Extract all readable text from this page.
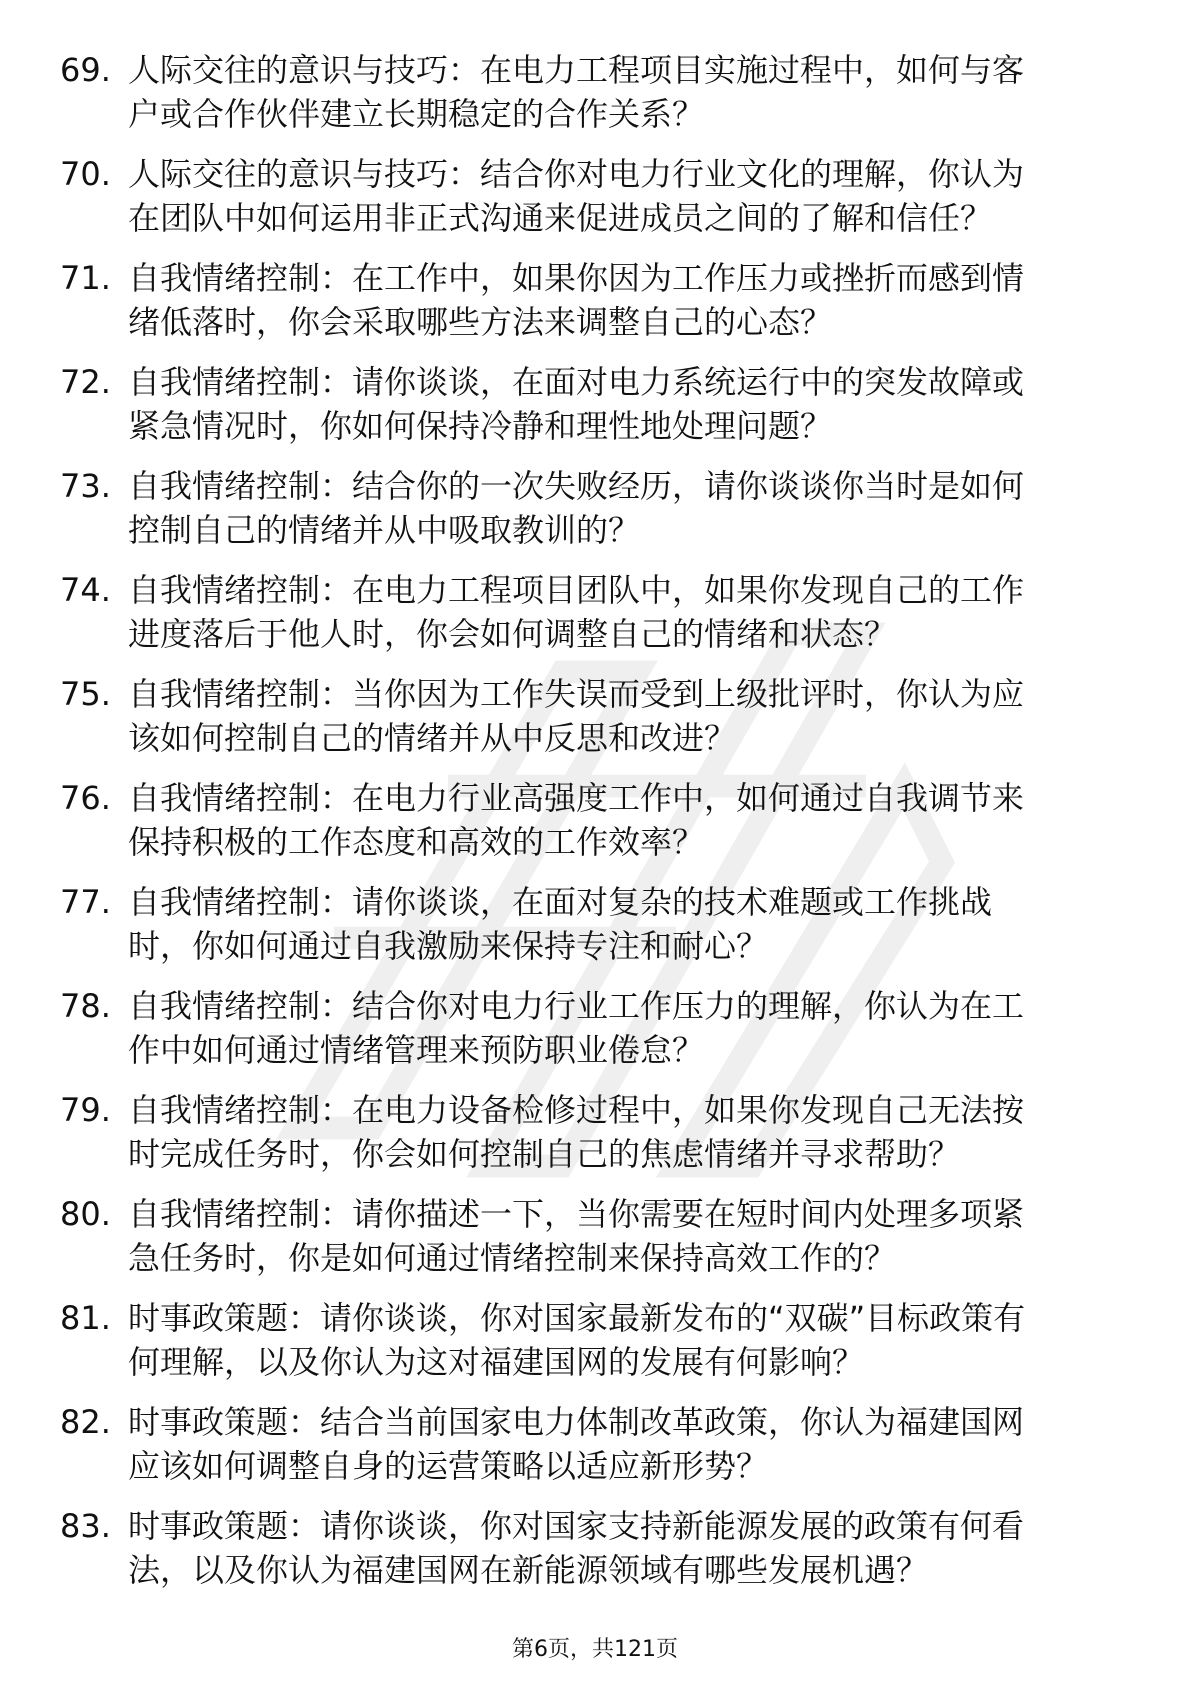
69. 人际交往的意识与技巧：在电力工程项目实施过程中，如何与客
户或合作伙伴建立长期稳定的合作关系？
70. 人际交往的意识与技巧：结合你对电力行业文化的理解，你认为
在团队中如何运用非正式沟通来促进成员之间的了解和信任？
71. 自我情绪控制：在工作中，如果你因为工作压力或挫折而感到情
绪低落时，你会采取哪些方法来调整自己的心态？
72. 自我情绪控制：请你谈谈，在面对电力系统运行中的突发故障或
紧急情况时，你如何保持冷静和理性地处理问题？
73. 自我情绪控制：结合你的一次失败经历，请你谈谈你当时是如何
控制自己的情绪并从中吸取教训的？
74. 自我情绪控制：在电力工程项目团队中，如果你发现自己的工作
进度落后于他人时，你会如何调整自己的情绪和状态？
75. 自我情绪控制：当你因为工作失误而受到上级批评时，你认为应
该如何控制自己的情绪并从中反思和改进？
76. 自我情绪控制：在电力行业高强度工作中，如何通过自我调节来
保持积极的工作态度和高效的工作效率？
77. 自我情绪控制：请你谈谈，在面对复杂的技术难题或工作挑战
时，你如何通过自我激励来保持专注和耐心？
78. 自我情绪控制：结合你对电力行业工作压力的理解，你认为在工
作中如何通过情绪管理来预防职业倦怠？
79. 自我情绪控制：在电力设备检修过程中，如果你发现自己无法按
时完成任务时，你会如何控制自己的焦虑情绪并寻求帮助？
80. 自我情绪控制：请你描述一下，当你需要在短时间内处理多项紧
急任务时，你是如何通过情绪控制来保持高效工作的？
81. 时事政策题：请你谈谈，你对国家最新发布的“双碳”目标政策有
何理解，以及你认为这对福建国网的发展有何影响？
82. 时事政策题：结合当前国家电力体制改革政策，你认为福建国网
应该如何调整自身的运营策略以适应新形势？
83. 时事政策题：请你谈谈，你对国家支持新能源发展的政策有何看
法，以及你认为福建国网在新能源领域有哪些发展机遇？
第6页，共121页
